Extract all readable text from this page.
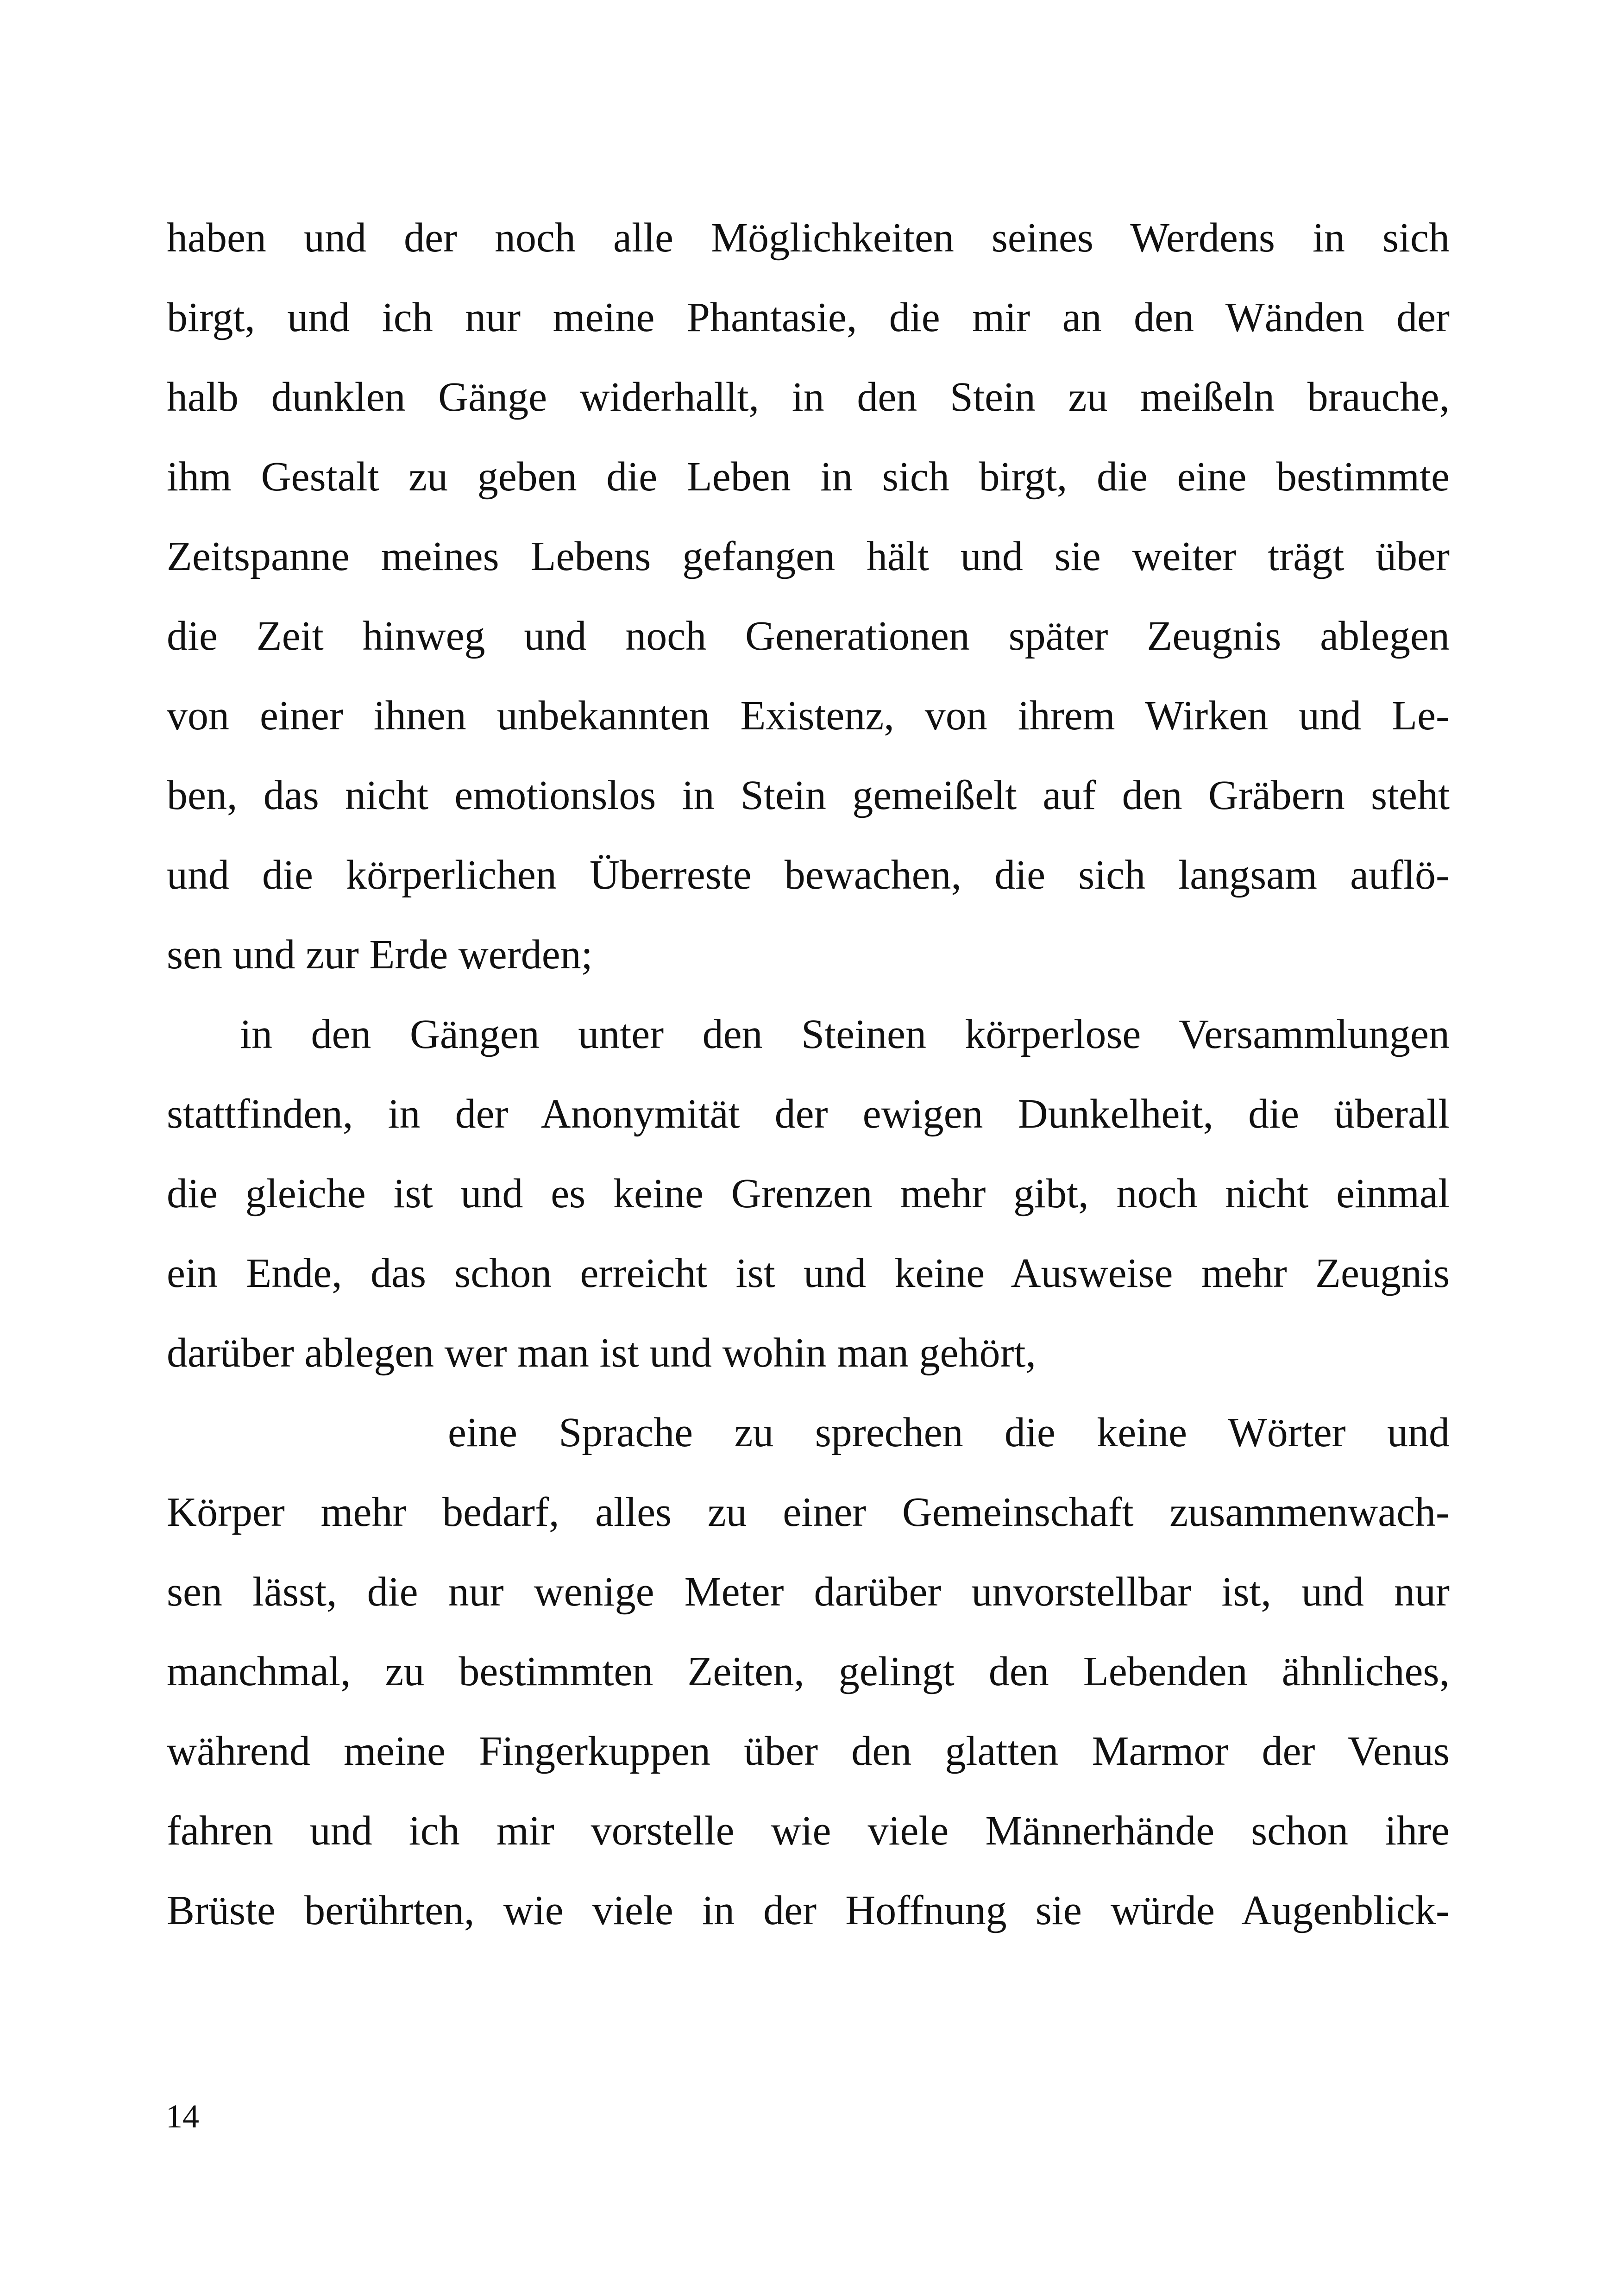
haben und der noch alle Möglichkeiten seines Werdens in sich
birgt, und ich nur meine Phantasie, die mir an den Wänden der
halb dunklen Gänge widerhallt, in den Stein zu meißeln brauche,
ihm Gestalt zu geben die Leben in sich birgt, die eine bestimmte
Zeitspanne meines Lebens gefangen hält und sie weiter trägt über
die Zeit hinweg und noch Generationen später Zeugnis ablegen
von einer ihnen unbekannten Existenz, von ihrem Wirken und Le-
ben, das nicht emotionslos in Stein gemeißelt auf den Gräbern steht
und die körperlichen Überreste bewachen, die sich langsam auflö-
sen und zur Erde werden;
in den Gängen unter den Steinen körperlose Versammlungen
stattfinden, in der Anonymität der ewigen Dunkelheit, die überall
die gleiche ist und es keine Grenzen mehr gibt, noch nicht einmal
ein Ende, das schon erreicht ist und keine Ausweise mehr Zeugnis
darüber ablegen wer man ist und wohin man gehört,
eine Sprache zu sprechen die keine Wörter und
Körper mehr bedarf, alles zu einer Gemeinschaft zusammenwach-
sen lässt, die nur wenige Meter darüber unvorstellbar ist, und nur
manchmal, zu bestimmten Zeiten, gelingt den Lebenden ähnliches,
während meine Fingerkuppen über den glatten Marmor der Venus
fahren und ich mir vorstelle wie viele Männerhände schon ihre
Brüste berührten, wie viele in der Hoffnung sie würde Augenblick-
14
